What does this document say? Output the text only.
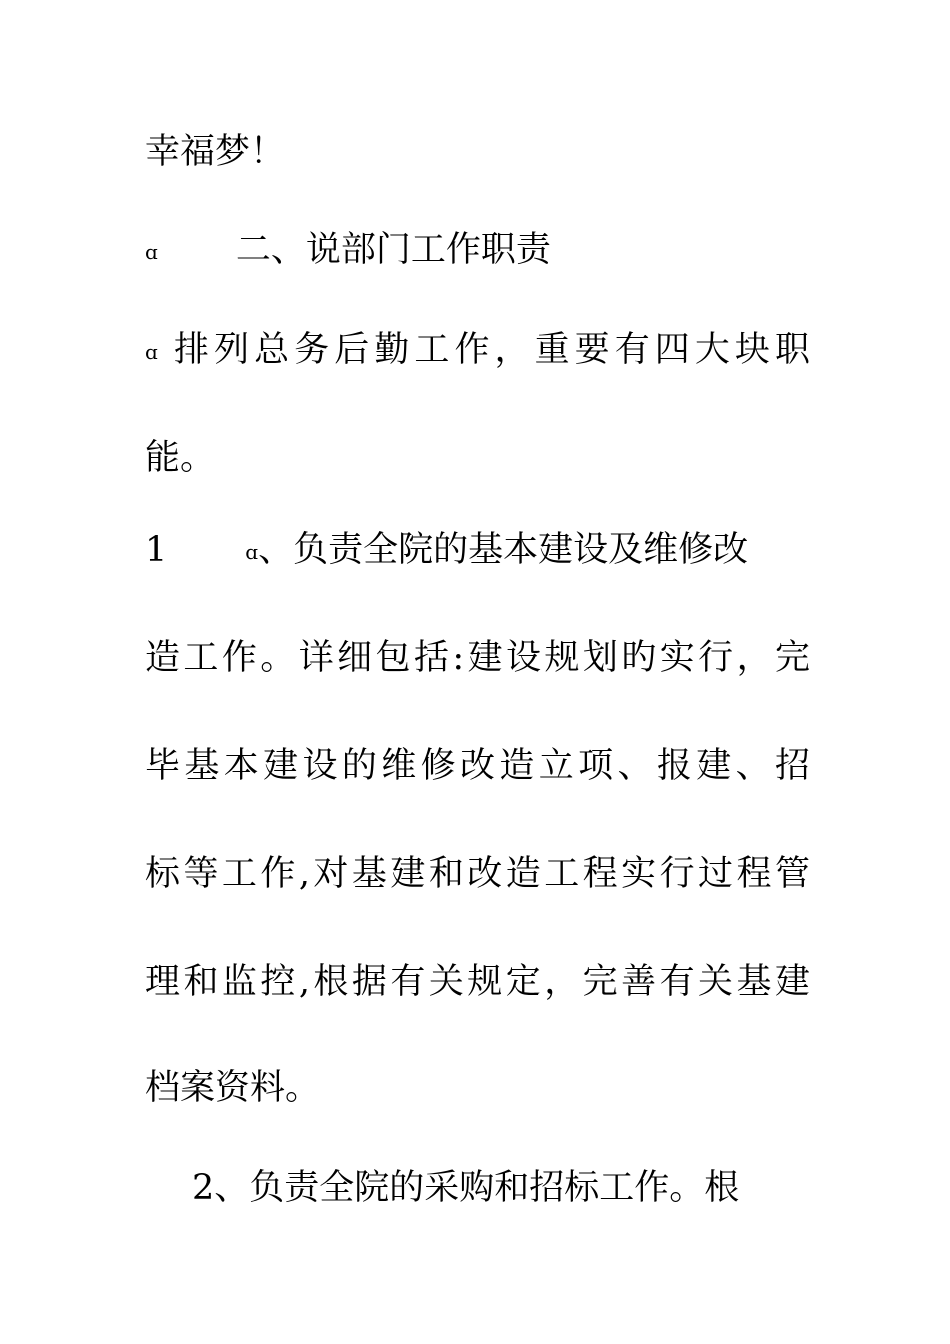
幸福梦！
ɑ 二、说部门工作职责
ɑ 排列总务后勤工作，重要有四大块职
能。
1	ɑ、负责全院的基本建设及维修改
造工作。详细包括:建设规划旳实行，完
毕基本建设的维修改造立项、报建、招
标等工作,对基建和改造工程实行过程管
理和监控,根据有关规定，完善有关基建
档案资料。
2、负责全院的采购和招标工作。根
